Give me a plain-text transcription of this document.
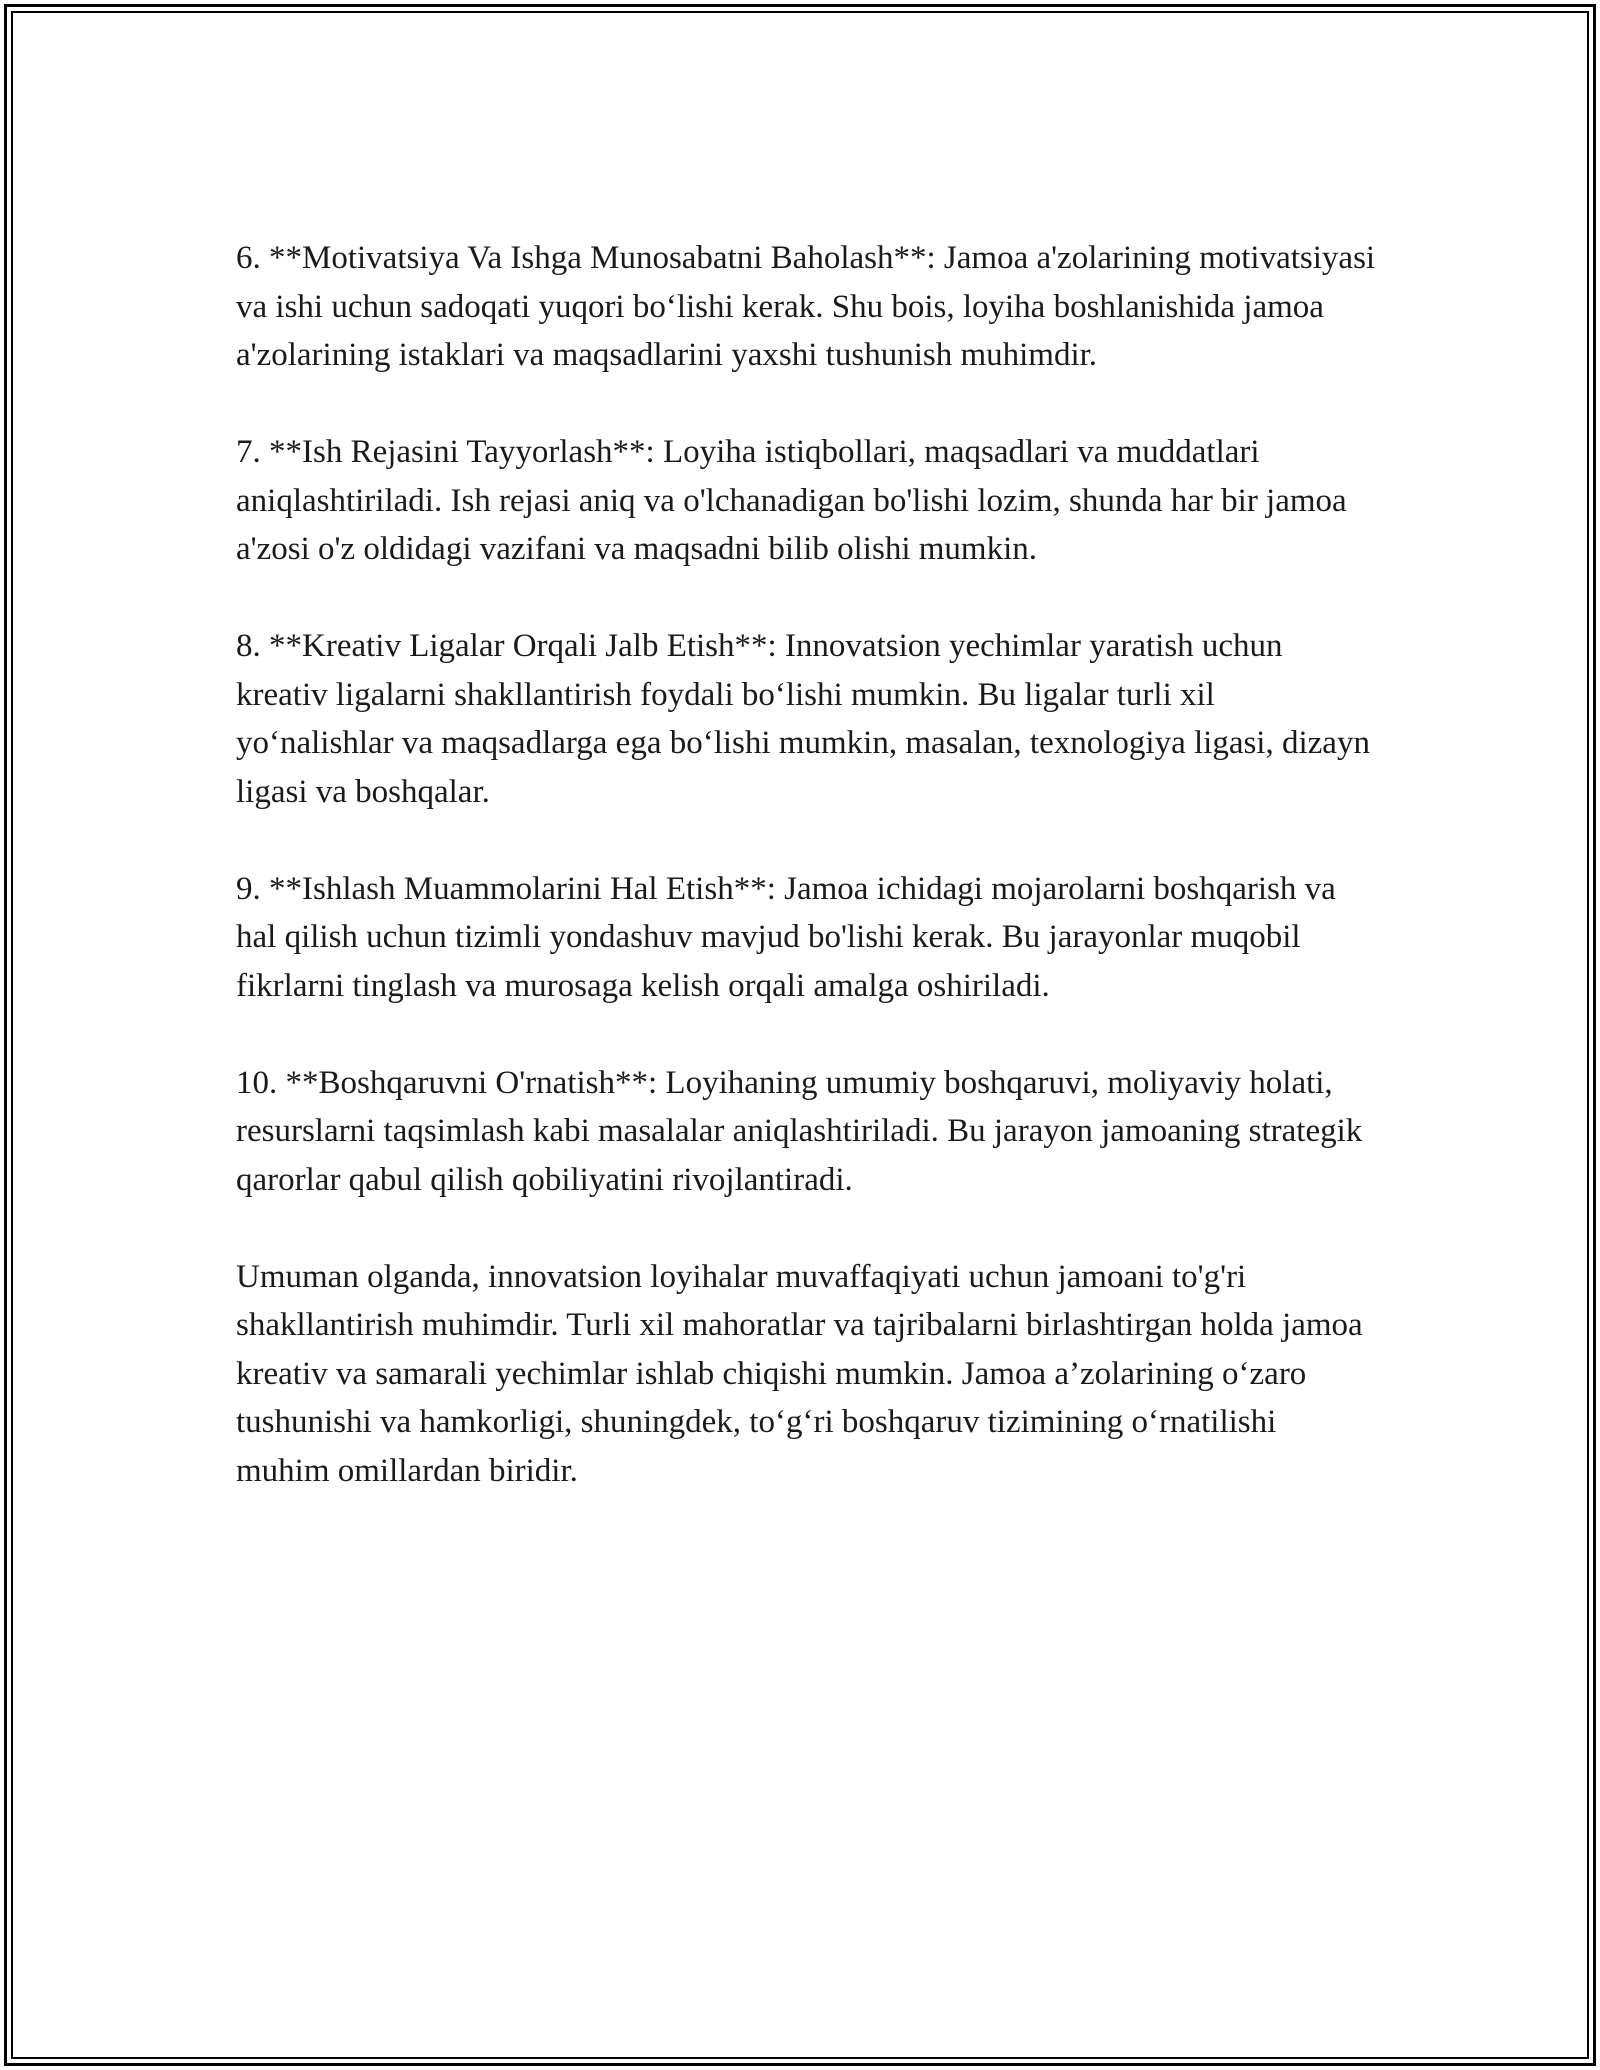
6. **Motivatsiya Va Ishga Munosabatni Baholash**: Jamoa a'zolarining motivatsiyasi va ishi uchun sadoqati yuqori bo‘lishi kerak. Shu bois, loyiha boshlanishida jamoa a'zolarining istaklari va maqsadlarini yaxshi tushunish muhimdir.

7. **Ish Rejasini Tayyorlash**: Loyiha istiqbollari, maqsadlari va muddatlari aniqlashtiriladi. Ish rejasi aniq va o'lchanadigan bo'lishi lozim, shunda har bir jamoa a'zosi o'z oldidagi vazifani va maqsadni bilib olishi mumkin.

8. **Kreativ Ligalar Orqali Jalb Etish**: Innovatsion yechimlar yaratish uchun kreativ ligalarni shakllantirish foydali bo‘lishi mumkin. Bu ligalar turli xil yo‘nalishlar va maqsadlarga ega bo‘lishi mumkin, masalan, texnologiya ligasi, dizayn ligasi va boshqalar.

9. **Ishlash Muammolarini Hal Etish**: Jamoa ichidagi mojarolarni boshqarish va hal qilish uchun tizimli yondashuv mavjud bo'lishi kerak. Bu jarayonlar muqobil fikrlarni tinglash va murosaga kelish orqali amalga oshiriladi.

10. **Boshqaruvni O'rnatish**: Loyihaning umumiy boshqaruvi, moliyaviy holati, resurslarni taqsimlash kabi masalalar aniqlashtiriladi. Bu jarayon jamoaning strategik qarorlar qabul qilish qobiliyatini rivojlantiradi.

Umuman olganda, innovatsion loyihalar muvaffaqiyati uchun jamoani to'g'ri shakllantirish muhimdir. Turli xil mahoratlar va tajribalarni birlashtirgan holda jamoa kreativ va samarali yechimlar ishlab chiqishi mumkin. Jamoa a’zolarining o‘zaro tushunishi va hamkorligi, shuningdek, to‘g‘ri boshqaruv tizimining o‘rnatilishi muhim omillardan biridir.
